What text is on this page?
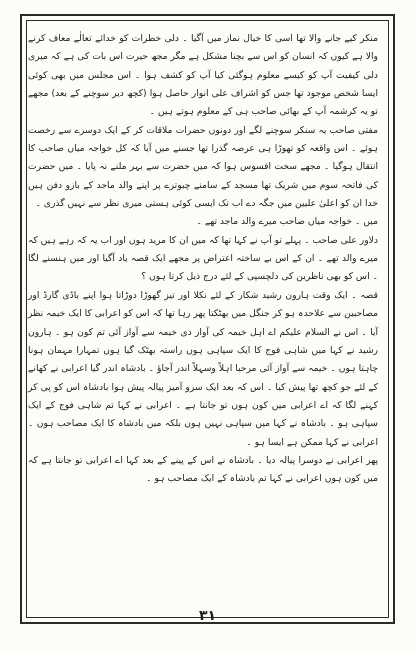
منکر کیے جانے والا تھا اسی کا خیال نماز میں آگیا ۔ دلی خطرات کو خدائے تعالٰے معاف کرنے والا ہے کیوں کہ انسان کو اس سے بچنا مشکل ہے مگر مجھ حیرت اس بات کی ہے کہ میری دلی کیفیت آپ کو کیسے معلوم ہوگئی کیا آپ کو کشف ہوا ۔ اس مجلس میں بھی کوئی ایسا شخص موجود تھا جس کو اشراف علی انوار حاصل ہوا (کچھ دیر سوچنے کے بعد) مجھے تو یہ کرشمہ آپ کے بھائی صاحب ہی کے معلوم ہوتے ہیں ۔

مفتی صاحب یہ سنکر سوچنے لگے اور دونوں حضرات ملاقات کر کے ایک دوسرے سے رخصت ہوئے ۔ اس واقعہ کو تھوڑا ہی عرصہ گذرا تھا جسنے میں آیا کہ کل خواجہ میاں صاحب کا انتقال ہوگیا ۔ مجھے سخت افسوس ہوا کہ میں حضرت سے بہر ملنے نہ پایا ۔ میں حضرت کی فاتحہ سوم میں شریک تھا مسجد کے سامنے چبوترے پر اپنے والد ماجد کے بازو دفن ہیں خدا ان کو اعلیٰ علیین میں جگہ دے اب تک ایسی کوئی ہستی میری نظر سے نہیں گذری ۔

میں ۔ خواجہ میاں صاحب میرے والد ماجد تھے ۔

دلاور علی صاحب ۔ پہلے تو آپ نے کہا تھا کہ میں ان کا مرید ہوں اور اب یہ کہ رہے ہیں کہ میرے والد تھے ۔ ان کے اس بے ساختہ اعتراض پر مجھے ایک قصہ یاد آگیا اور میں ہنسنے لگا ۔ اس کو بھی ناظرین کی دلچسپی کے لئے درج ذیل کرتا ہوں ؟

قصہ ۔ ایک وقت ہارون رشید شکار کے لئے نکلا اور تیز گھوڑا دوڑاتا ہوا اپنے باڈی گارڈ اور مصاحبین سے علاحدہ ہو کر جنگل میں بھٹکتا پھر رہا تھا کہ اس کو اعرابی کا ایک خیمہ نظر آیا ۔ اس نے السلام علیکم اے اہل خیمہ کی آواز دی خیمہ سے آواز آئی تم کون ہو ۔ ہارون رشید نے کہا میں شاہی فوج کا ایک سپاہی ہوں راستہ بھٹک گیا ہوں تمہارا مہمان ہونا چاہتا ہوں ۔ خیمہ سے آواز آئی مرحبا اہلاً وسہلاً اندر آجاؤ ۔ بادشاہ اندر گیا اعرابی نے کھانے کے لئے جو کچھ تھا پیش کیا ۔ اس کہ بعد ایک سرو آمیز پیالہ پیش ہوا بادشاہ اس کو پی کر کہنے لگا کہ اے اعرابی میں کون ہوں تو جانتا ہے ۔ اعرابی نے کہا تم شاہی فوج کے ایک سپاہی ہو ۔ بادشاہ نے کہا میں سپاہی نہیں ہوں بلکہ میں بادشاہ کا ایک مصاحب ہوں ۔ اعرابی نے کہا ممکن ہے ایسا ہو ۔

پھر اعرابی نے دوسرا پیالہ دیا ۔ بادشاہ نے اس کے پینے کے بعد کہا اے اعرابی تو جانتا ہے کہ میں کون ہوں اعرابی نے کہا تم بادشاہ کے ایک مصاحب ہو ۔

۳۱
